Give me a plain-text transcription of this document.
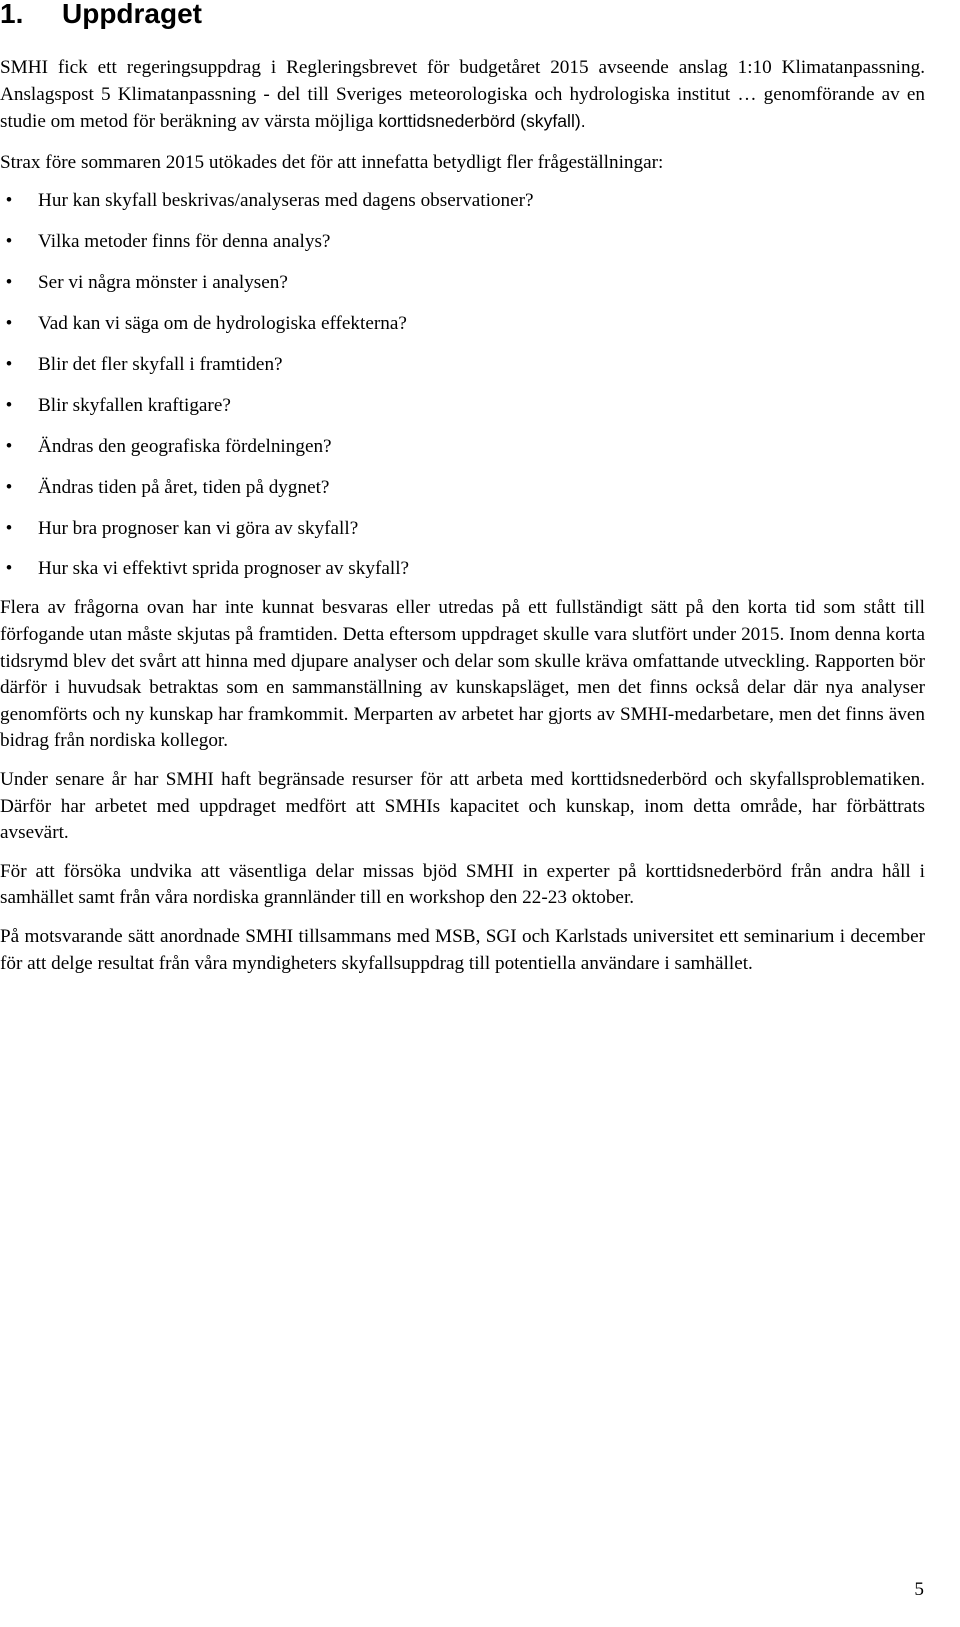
1. Uppdraget

SMHI fick ett regeringsuppdrag i Regleringsbrevet för budgetåret 2015 avseende anslag 1:10 Klimatanpassning. Anslagspost 5 Klimatanpassning - del till Sveriges meteorologiska och hydrologiska institut … genomförande av en studie om metod för beräkning av värsta möjliga korttidsnederbörd (skyfall).

Strax före sommaren 2015 utökades det för att innefatta betydligt fler frågeställningar:

• Hur kan skyfall beskrivas/analyseras med dagens observationer?
• Vilka metoder finns för denna analys?
• Ser vi några mönster i analysen?
• Vad kan vi säga om de hydrologiska effekterna?
• Blir det fler skyfall i framtiden?
• Blir skyfallen kraftigare?
• Ändras den geografiska fördelningen?
• Ändras tiden på året, tiden på dygnet?
• Hur bra prognoser kan vi göra av skyfall?
• Hur ska vi effektivt sprida prognoser av skyfall?

Flera av frågorna ovan har inte kunnat besvaras eller utredas på ett fullständigt sätt på den korta tid som stått till förfogande utan måste skjutas på framtiden. Detta eftersom uppdraget skulle vara slutfört under 2015. Inom denna korta tidsrymd blev det svårt att hinna med djupare analyser och delar som skulle kräva omfattande utveckling. Rapporten bör därför i huvudsak betraktas som en sammanställning av kunskapsläget, men det finns också delar där nya analyser genomförts och ny kunskap har framkommit. Merparten av arbetet har gjorts av SMHI-medarbetare, men det finns även bidrag från nordiska kollegor.

Under senare år har SMHI haft begränsade resurser för att arbeta med korttidsnederbörd och skyfallsproblematiken. Därför har arbetet med uppdraget medfört att SMHIs kapacitet och kunskap, inom detta område, har förbättrats avsevärt.

För att försöka undvika att väsentliga delar missas bjöd SMHI in experter på korttidsnederbörd från andra håll i samhället samt från våra nordiska grannländer till en workshop den 22-23 oktober.

På motsvarande sätt anordnade SMHI tillsammans med MSB, SGI och Karlstads universitet ett seminarium i december för att delge resultat från våra myndigheters skyfallsuppdrag till potentiella användare i samhället.

5
